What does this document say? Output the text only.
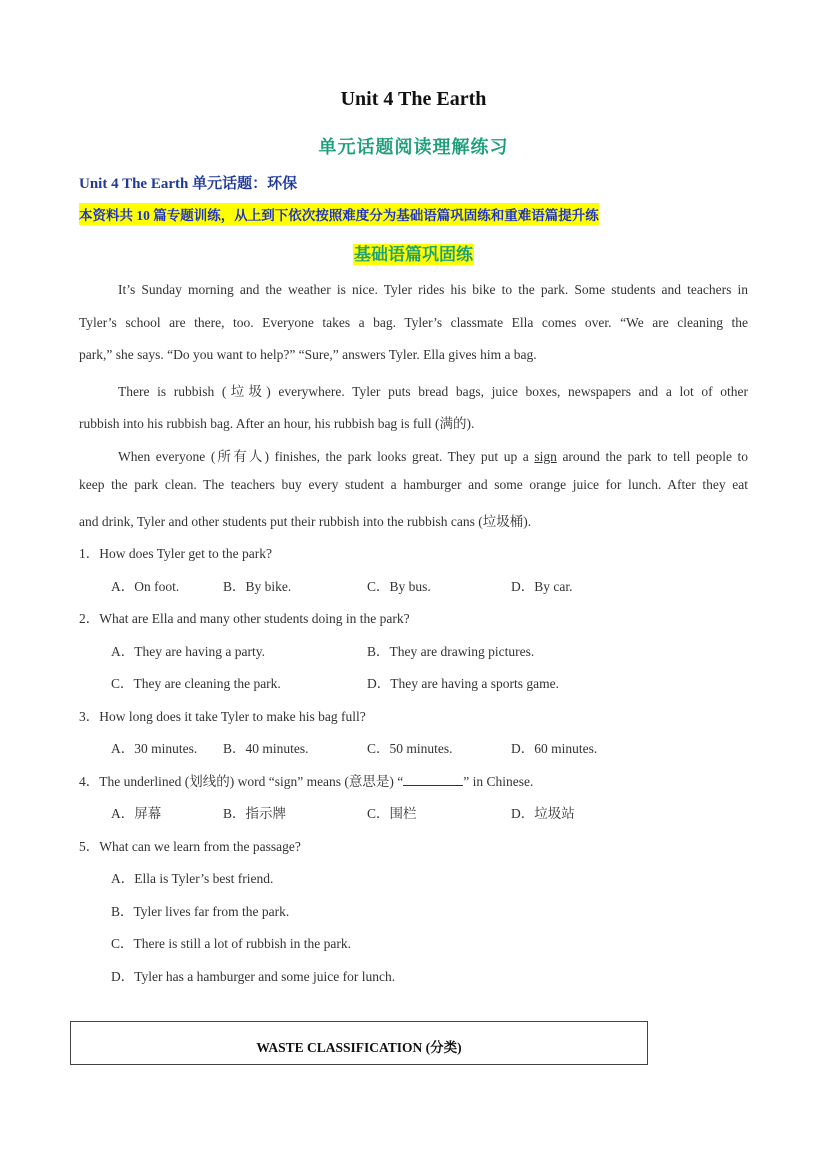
Unit 4 The Earth
单元话题阅读理解练习
Unit 4 The Earth 单元话题：环保
本资料共 10 篇专题训练，从上到下依次按照难度分为基础语篇巩固练和重难语篇提升练
基础语篇巩固练
It’s Sunday morning and the weather is nice. Tyler rides his bike to the park. Some students and teachers in
Tyler’s school are there, too. Everyone takes a bag. Tyler’s classmate Ella comes over. “We are cleaning the
park,” she says. “Do you want to help?” “Sure,” answers Tyler. Ella gives him a bag.
There is rubbish (垃圾) everywhere. Tyler puts bread bags, juice boxes, newspapers and a lot of other
rubbish into his rubbish bag. After an hour, his rubbish bag is full (满的).
When everyone (所有人) finishes, the park looks great. They put up a sign around the park to tell people to
keep the park clean. The teachers buy every student a hamburger and some orange juice for lunch. After they eat
and drink, Tyler and other students put their rubbish into the rubbish cans (垃圾桶).
1．How does Tyler get to the park?
A．On foot.	B．By bike.	C．By bus.	D．By car.
2．What are Ella and many other students doing in the park?
A．They are having a party.	B．They are drawing pictures.
C．They are cleaning the park.	D．They are having a sports game.
3．How long does it take Tyler to make his bag full?
A．30 minutes. B．40 minutes.	C．50 minutes.	D．60 minutes.
4．The underlined (划线的) word “sign” means (意思是) “	” in Chinese.
A．屏幕	B．指示牌	C．围栏	D．垃圾站
5．What can we learn from the passage?
A．Ella is Tyler’s best friend.
B．Tyler lives far from the park.
C．There is still a lot of rubbish in the park.
D．Tyler has a hamburger and some juice for lunch.
WASTE CLASSIFICATION (分类)
